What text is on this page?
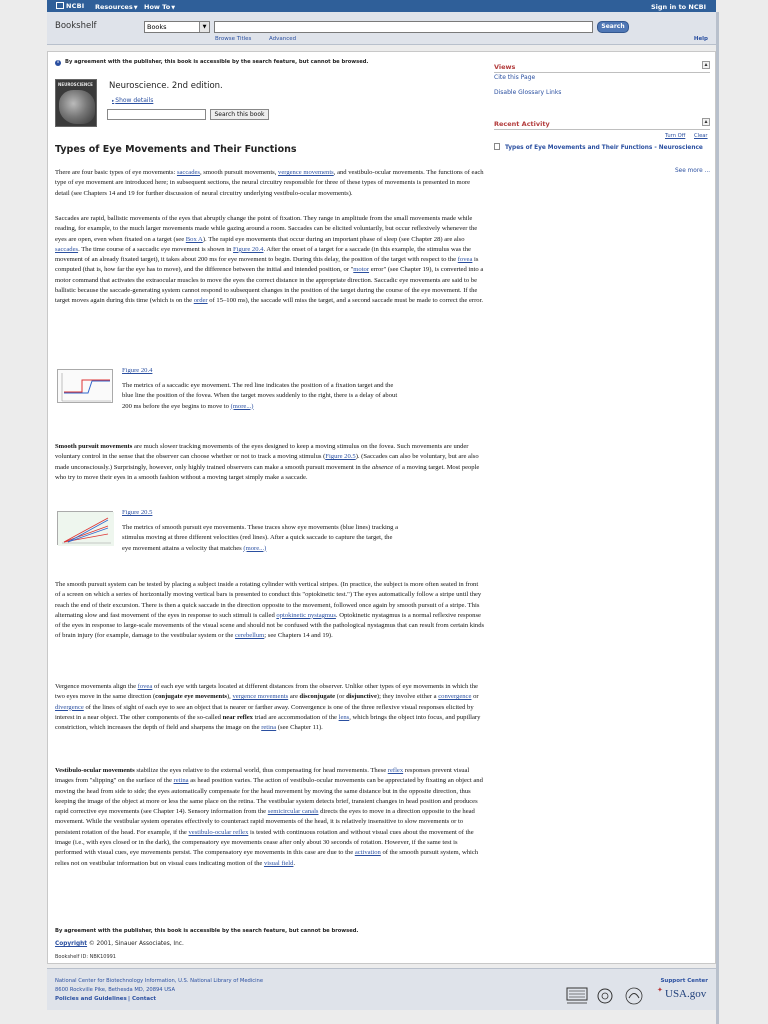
NCBI Resources▼ How To▼	Sign in to NCBI
Bookshelf	Books	▼	Search
Browse Titles	Advanced	Help
i By agreement with the publisher, this book is accessible by the search feature, but cannot be browsed.
NEUROSCIENCE Neuroscience. 2nd edition.
▸Show details
Search this book
Types of Eye Movements and Their Functions
There are four basic types of eye movements: saccades, smooth pursuit movements, vergence movements, and vestibulo-ocular movements. The functions of each type of eye movement are introduced here; in subsequent sections, the neural circuitry responsible for three of these types of movements is presented in more detail (see Chapters 14 and 19 for further discussion of neural circuitry underlying vestibulo-ocular movements).
Saccades are rapid, ballistic movements of the eyes that abruptly change the point of fixation. They range in amplitude from the small movements made while reading, for example, to the much larger movements made while gazing around a room. Saccades can be elicited voluntarily, but occur reflexively whenever the eyes are open, even when fixated on a target (see Box A). The rapid eye movements that occur during an important phase of sleep (see Chapter 28) are also saccades. The time course of a saccadic eye movement is shown in Figure 20.4. After the onset of a target for a saccade (in this example, the stimulus was the movement of an already fixated target), it takes about 200 ms for eye movement to begin. During this delay, the position of the target with respect to the fovea is computed (that is, how far the eye has to move), and the difference between the initial and intended position, or "motor error" (see Chapter 19), is converted into a motor command that activates the extraocular muscles to move the eyes the correct distance in the appropriate direction. Saccadic eye movements are said to be ballistic because the saccade-generating system cannot respond to subsequent changes in the position of the target during the course of the eye movement. If the target moves again during this time (which is on the order of 15–100 ms), the saccade will miss the target, and a second saccade must be made to correct the error.
Figure 20.4
The metrics of a saccadic eye movement. The red line indicates the position of a fixation target and the blue line the position of the fovea. When the target moves suddenly to the right, there is a delay of about 200 ms before the eye begins to move to (more...)
Smooth pursuit movements are much slower tracking movements of the eyes designed to keep a moving stimulus on the fovea. Such movements are under voluntary control in the sense that the observer can choose whether or not to track a moving stimulus (Figure 20.5). (Saccades can also be voluntary, but are also made unconsciously.) Surprisingly, however, only highly trained observers can make a smooth pursuit movement in the absence of a moving target. Most people who try to move their eyes in a smooth fashion without a moving target simply make a saccade.
Figure 20.5
The metrics of smooth pursuit eye movements. These traces show eye movements (blue lines) tracking a stimulus moving at three different velocities (red lines). After a quick saccade to capture the target, the eye movement attains a velocity that matches (more...)
The smooth pursuit system can be tested by placing a subject inside a rotating cylinder with vertical stripes. (In practice, the subject is more often seated in front of a screen on which a series of horizontally moving vertical bars is presented to conduct this "optokinetic test.") The eyes automatically follow a stripe until they reach the end of their excursion. There is then a quick saccade in the direction opposite to the movement, followed once again by smooth pursuit of a stripe. This alternating slow and fast movement of the eyes in response to such stimuli is called optokinetic nystagmus. Optokinetic nystagmus is a normal reflexive response of the eyes in response to large-scale movements of the visual scene and should not be confused with the pathological nystagmus that can result from certain kinds of brain injury (for example, damage to the vestibular system or the cerebellum; see Chapters 14 and 19).
Vergence movements align the fovea of each eye with targets located at different distances from the observer. Unlike other types of eye movements in which the two eyes move in the same direction (conjugate eye movements), vergence movements are disconjugate (or disjunctive); they involve either a convergence or divergence of the lines of sight of each eye to see an object that is nearer or farther away. Convergence is one of the three reflexive visual responses elicited by interest in a near object. The other components of the so-called near reflex triad are accommodation of the lens, which brings the object into focus, and pupillary constriction, which increases the depth of field and sharpens the image on the retina (see Chapter 11).
Vestibulo-ocular movements stabilize the eyes relative to the external world, thus compensating for head movements. These reflex responses prevent visual images from "slipping" on the surface of the retina as head position varies. The action of vestibulo-ocular movements can be appreciated by fixating an object and moving the head from side to side; the eyes automatically compensate for the head movement by moving the same distance but in the opposite direction, thus keeping the image of the object at more or less the same place on the retina. The vestibular system detects brief, transient changes in head position and produces rapid corrective eye movements (see Chapter 14). Sensory information from the semicircular canals directs the eyes to move in a direction opposite to the head movement. While the vestibular system operates effectively to counteract rapid movements of the head, it is relatively insensitive to slow movements or to persistent rotation of the head. For example, if the vestibulo-ocular reflex is tested with continuous rotation and without visual cues about the movement of the image (i.e., with eyes closed or in the dark), the compensatory eye movements cease after only about 30 seconds of rotation. However, if the same test is performed with visual cues, eye movements persist. The compensatory eye movements in this case are due to the activation of the smooth pursuit system, which relies not on vestibular information but on visual cues indicating motion of the visual field.
By agreement with the publisher, this book is accessible by the search feature, but cannot be browsed.
Copyright © 2001, Sinauer Associates, Inc.
Bookshelf ID: NBK10991
Views	▴
Cite this Page
Disable Glossary Links
Recent Activity	▴
Turn Off Clear
Types of Eye Movements and Their Functions - Neuroscience
See more ...
National Center for Biotechnology Information, U.S. National Library of Medicine
8600 Rockville Pike, Bethesda MD, 20894 USA
Policies and Guidelines | Contact
Support Center
✦ USA.gov
